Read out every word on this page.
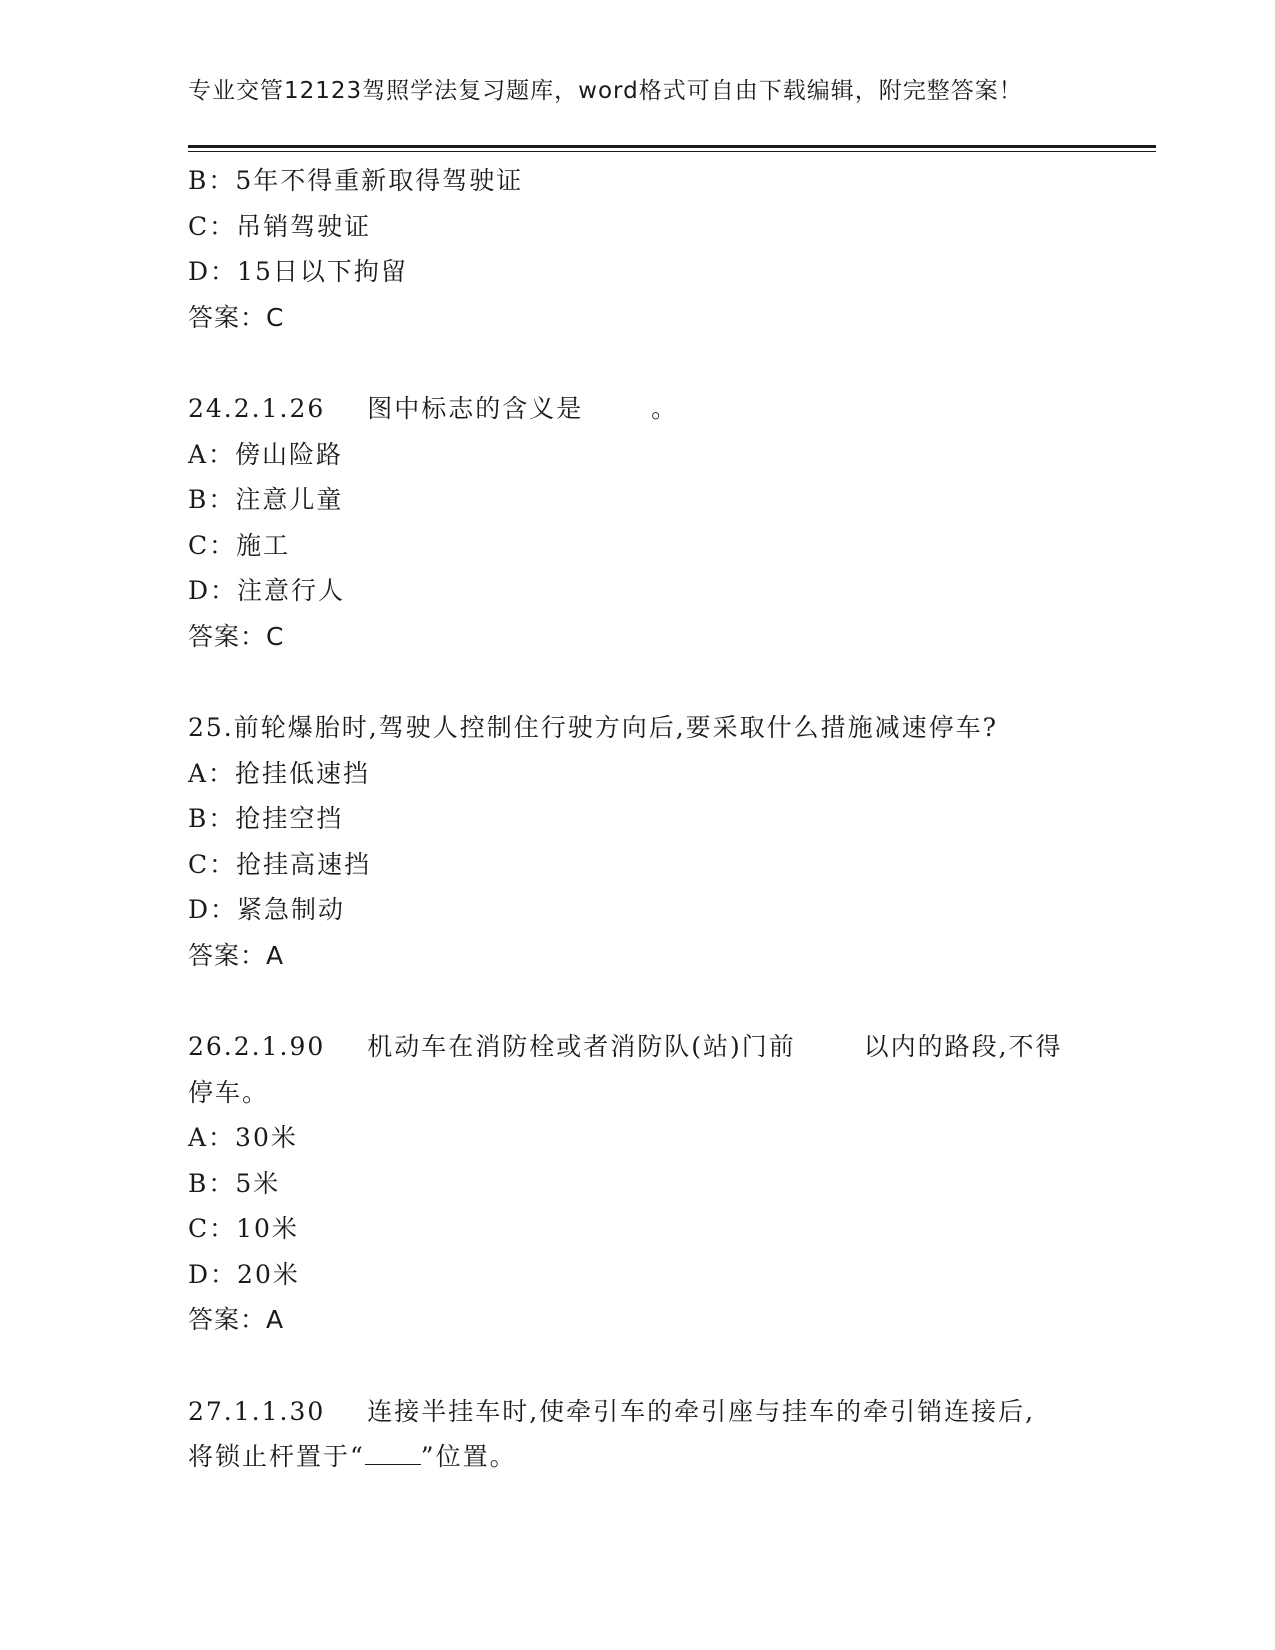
专业交管12123驾照学法复习题库，word格式可自由下载编辑，附完整答案！
B：5年不得重新取得驾驶证
C：吊销驾驶证
D：15日以下拘留
答案：C
24.2.1.26 图中标志的含义是	。
A：傍山险路
B：注意儿童
C：施工
D：注意行人
答案：C
25.前轮爆胎时,驾驶人控制住行驶方向后,要采取什么措施减速停车?
A：抢挂低速挡
B：抢挂空挡
C：抢挂高速挡
D：紧急制动
答案：A
26.2.1.90 机动车在消防栓或者消防队(站)门前	以内的路段,不得
停车。
A：30米
B：5米
C：10米
D：20米
答案：A
27.1.1.30 连接半挂车时,使牵引车的牵引座与挂车的牵引销连接后,
将锁止杆置于“ ”位置。
